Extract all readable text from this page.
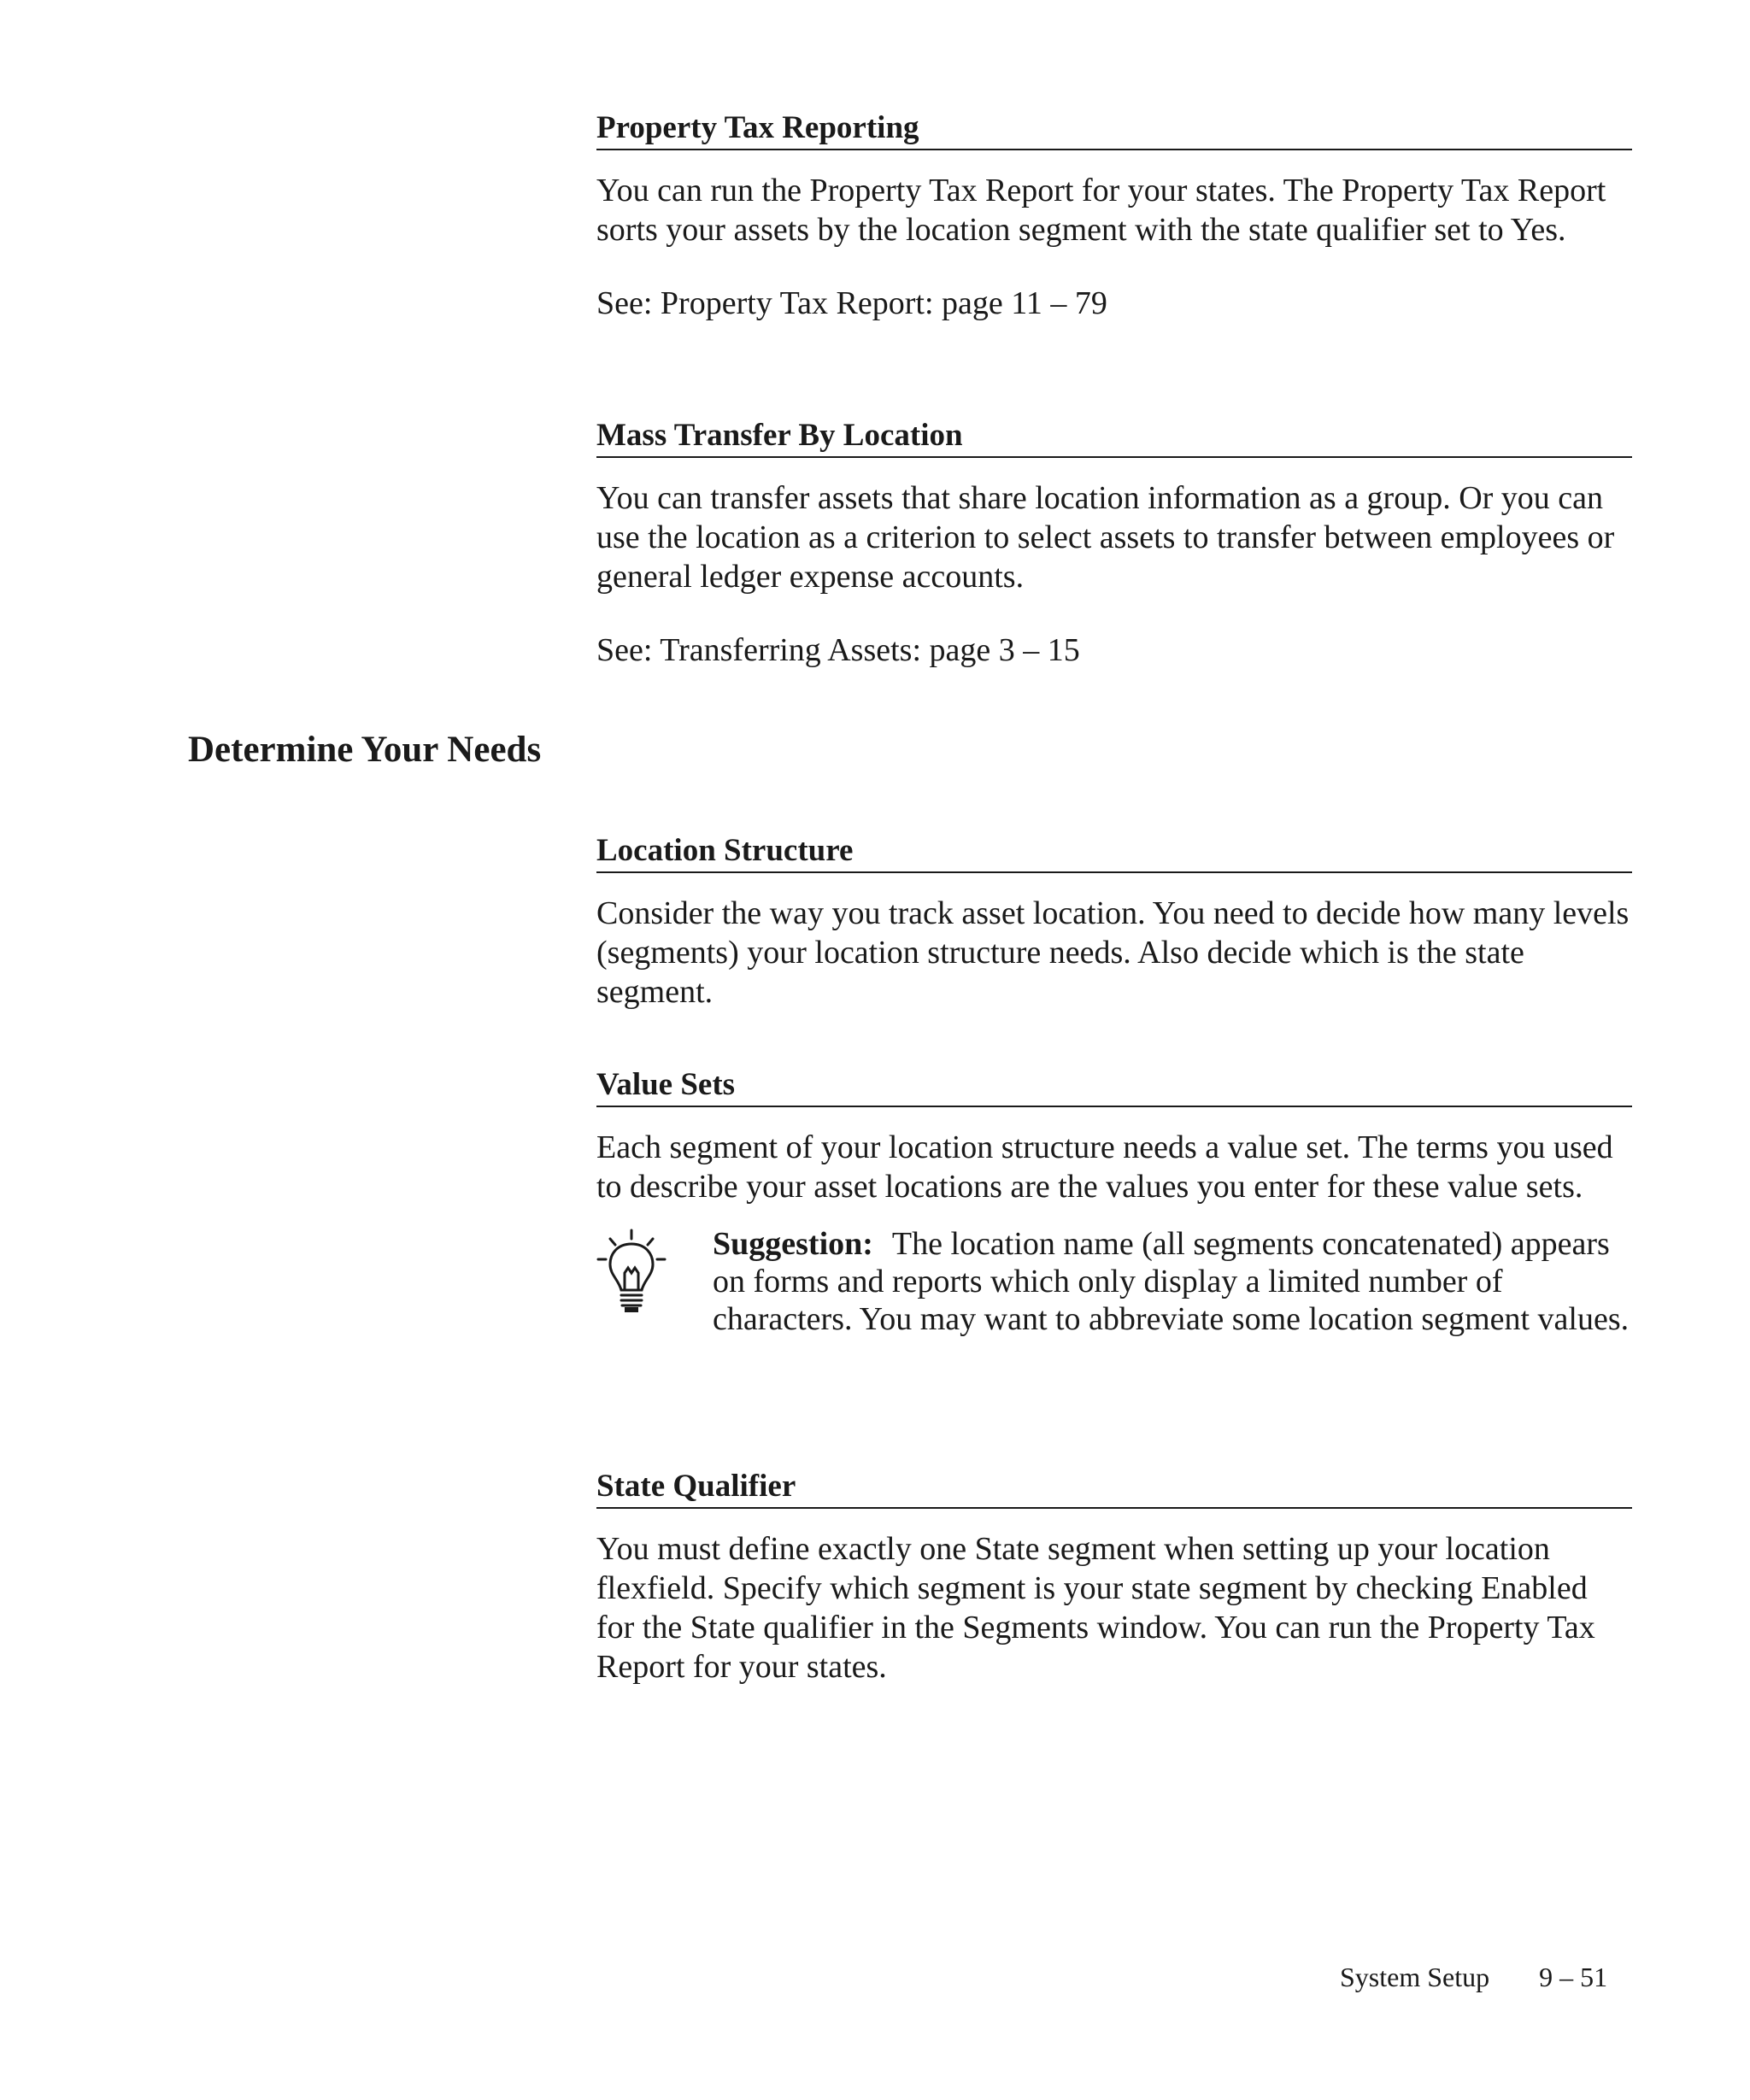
Property Tax Reporting

You can run the Property Tax Report for your states. The Property Tax Report sorts your assets by the location segment with the state qualifier set to Yes.

See: Property Tax Report: page 11 – 79

Mass Transfer By Location

You can transfer assets that share location information as a group. Or you can use the location as a criterion to select assets to transfer between employees or general ledger expense accounts.

See: Transferring Assets: page 3 – 15

Determine Your Needs
Location Structure

Consider the way you track asset location. You need to decide how many levels (segments) your location structure needs. Also decide which is the state segment.

Value Sets

Each segment of your location structure needs a value set. The terms you used to describe your asset locations are the values you enter for these value sets.

Suggestion: The location name (all segments concatenated) appears on forms and reports which only display a limited number of characters. You may want to abbreviate some location segment values.
State Qualifier

You must define exactly one State segment when setting up your location flexfield. Specify which segment is your state segment by checking Enabled for the State qualifier in the Segments window. You can run the Property Tax Report for your states.

System Setup 9 – 51
